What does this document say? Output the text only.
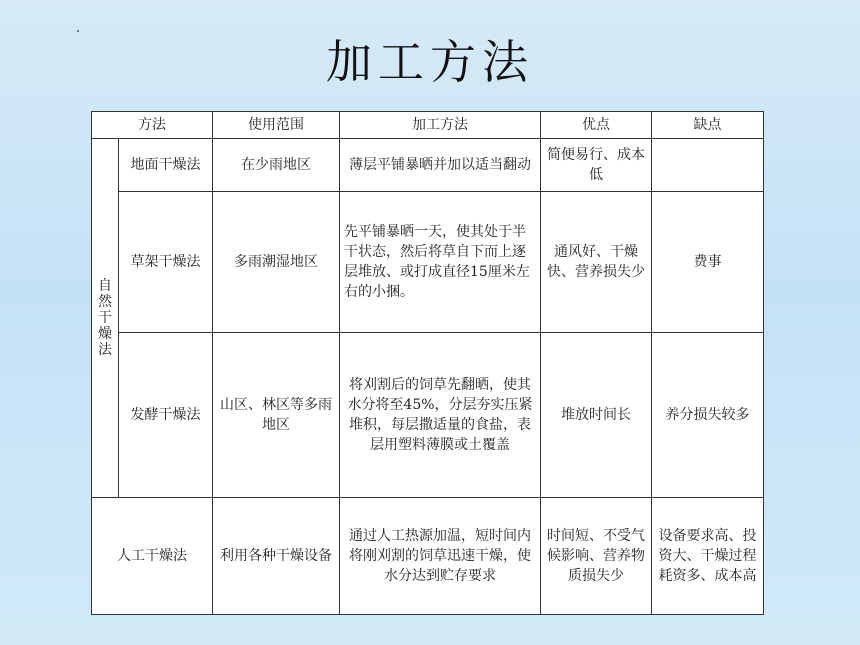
加工方法
方法		使用范围	加工方法	优点	缺点

自然干燥法	地面干燥法	在少雨地区	薄层平铺暴晒并加以适当翻动	简便易行、成本低	
	草架干燥法	多雨潮湿地区	先平铺暴晒一天，使其处于半干状态，然后将草自下而上逐层堆放、或打成直径15厘米左右的小捆。	通风好、干燥快、营养损失少	费事
	发酵干燥法	山区、林区等多雨地区	将刈割后的饲草先翻晒，使其水分将至45%，分层夯实压紧堆积，每层撒适量的食盐，表层用塑料薄膜或土覆盖	堆放时间长	养分损失较多
人工干燥法		利用各种干燥设备	通过人工热源加温，短时间内将刚刈割的饲草迅速干燥，使水分达到贮存要求	时间短、不受气候影响、营养物质损失少	设备要求高、投资大、干燥过程耗资多、成本高
